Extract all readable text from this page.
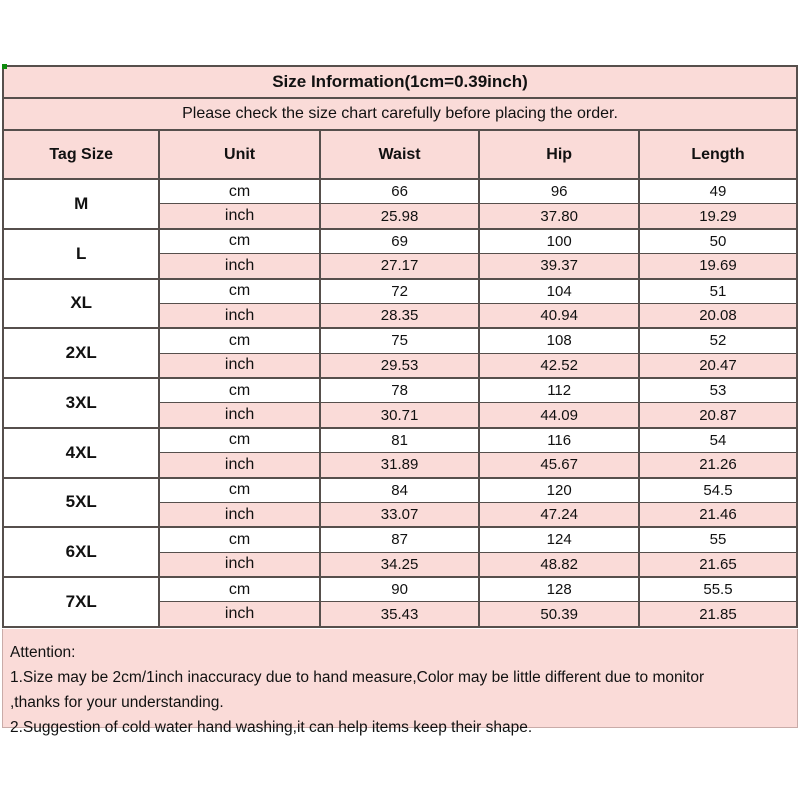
Size Information(1cm=0.39inch)				
Please check the size chart carefully before placing the order.				
Tag Size	Unit	Waist	Hip	Length
M	cm	66	96	49
	inch	25.98	37.80	19.29
L	cm	69	100	50
	inch	27.17	39.37	19.69
XL	cm	72	104	51
	inch	28.35	40.94	20.08
2XL	cm	75	108	52
	inch	29.53	42.52	20.47
3XL	cm	78	112	53
	inch	30.71	44.09	20.87
4XL	cm	81	116	54
	inch	31.89	45.67	21.26
5XL	cm	84	120	54.5
	inch	33.07	47.24	21.46
6XL	cm	87	124	55
	inch	34.25	48.82	21.65
7XL	cm	90	128	55.5
	inch	35.43	50.39	21.85
Attention:
1.Size may be 2cm/1inch inaccuracy due to hand measure,Color may be little different due to monitor
,thanks for your understanding.
2.Suggestion of cold water hand washing,it can help items keep their shape.
